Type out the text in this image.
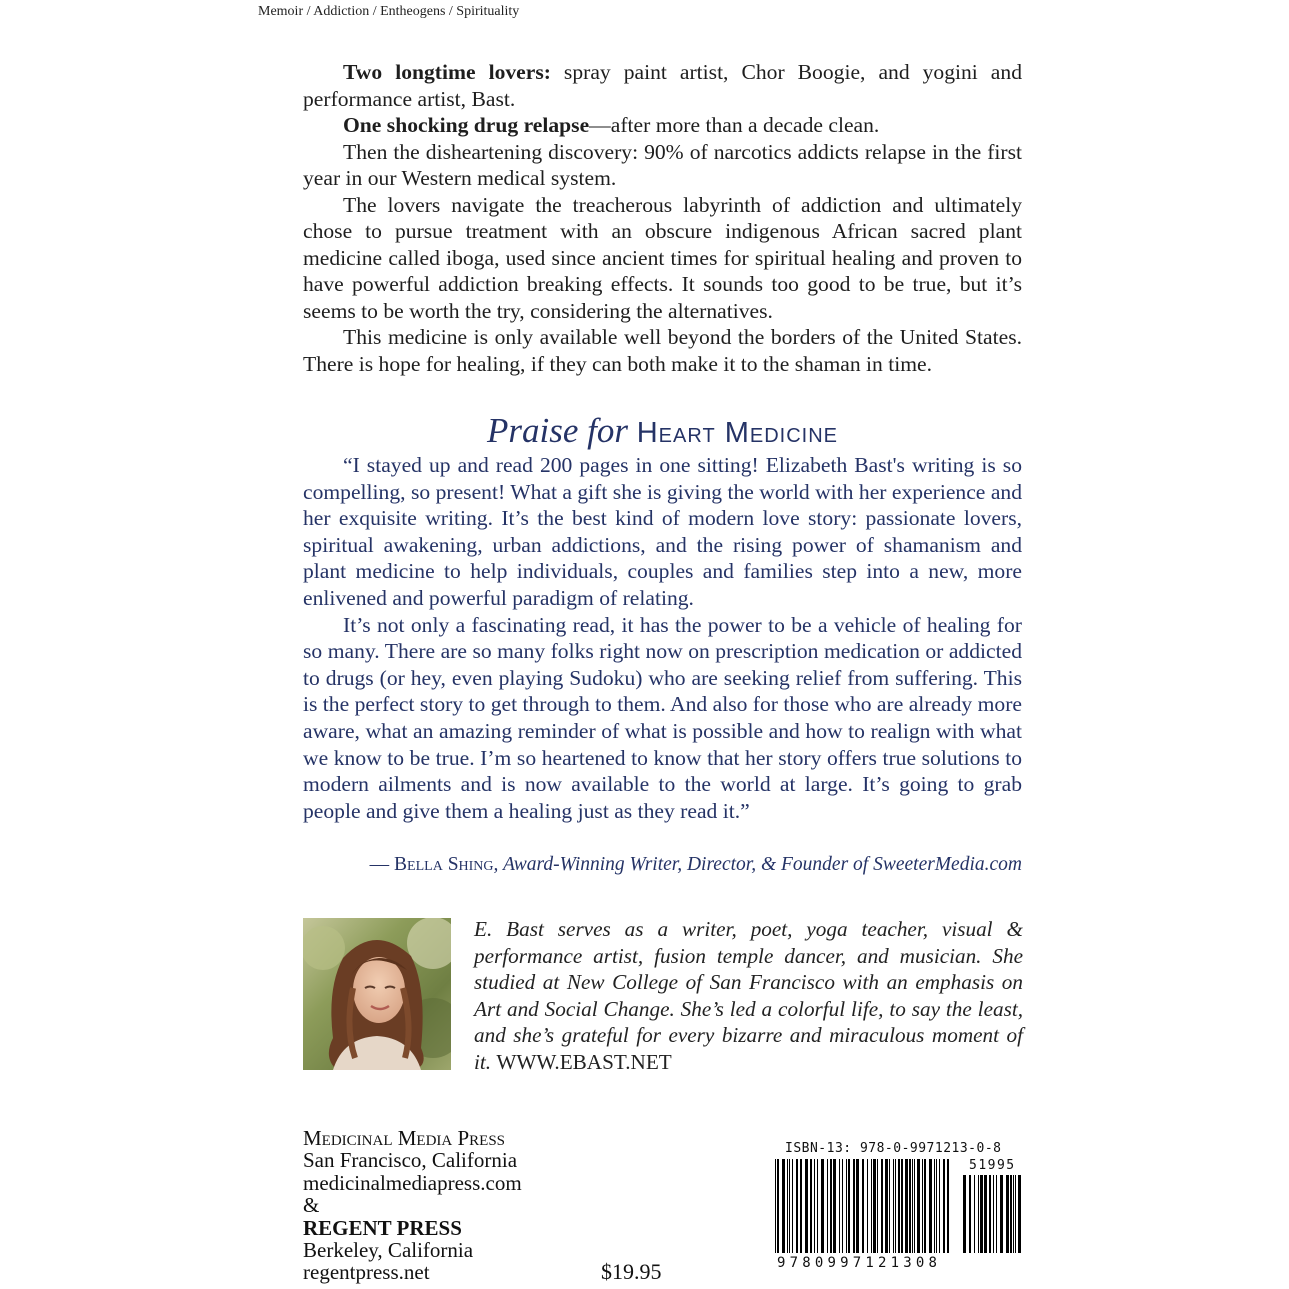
Memoir / Addiction / Entheogens / Spirituality

Two longtime lovers: spray paint artist, Chor Boogie, and yogini and performance artist, Bast.

One shocking drug relapse—after more than a decade clean.

Then the disheartening discovery: 90% of narcotics addicts relapse in the first year in our Western medical system.

The lovers navigate the treacherous labyrinth of addiction and ultimately chose to pursue treatment with an obscure indigenous African sacred plant medicine called iboga, used since ancient times for spiritual healing and proven to have powerful addiction breaking effects. It sounds too good to be true, but it’s seems to be worth the try, considering the alternatives.

This medicine is only available well beyond the borders of the United States. There is hope for healing, if they can both make it to the shaman in time.

Praise for Heart Medicine

“I stayed up and read 200 pages in one sitting! Elizabeth Bast's writing is so compelling, so present! What a gift she is giving the world with her experience and her exquisite writing. It’s the best kind of modern love story: passionate lovers, spiritual awakening, urban addictions, and the rising power of shamanism and plant medicine to help individuals, couples and families step into a new, more enlivened and powerful paradigm of relating.

It’s not only a fascinating read, it has the power to be a vehicle of healing for so many. There are so many folks right now on prescription medication or addicted to drugs (or hey, even playing Sudoku) who are seeking relief from suffering. This is the perfect story to get through to them. And also for those who are already more aware, what an amazing reminder of what is possible and how to realign with what we know to be true. I’m so heartened to know that her story offers true solutions to modern ailments and is now available to the world at large. It’s going to grab people and give them a healing just as they read it.”

— Bella Shing, Award-Winning Writer, Director, & Founder of SweeterMedia.com
E. Bast serves as a writer, poet, yoga teacher, visual & performance artist, fusion temple dancer, and musician. She studied at New College of San Francisco with an emphasis on Art and Social Change. She’s led a colorful life, to say the least, and she’s grateful for every bizarre and miraculous moment of it. WWW.EBAST.NET
Medicinal Media Press
San Francisco, California
medicinalmediapress.com
&
REGENT PRESS
Berkeley, California
regentpress.net	$19.95
ISBN-13: 978-0-9971213-0-8
51995
9780997121308
